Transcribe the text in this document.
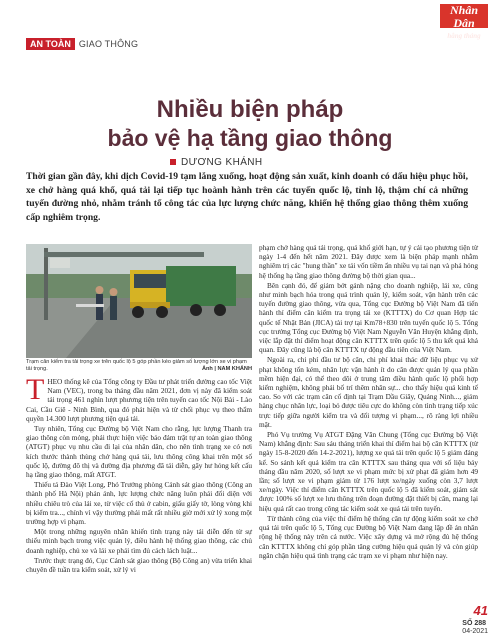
Nhân Dân
hằng tháng
AN TOÀN GIAO THÔNG
Nhiều biện pháp
bảo vệ hạ tầng giao thông
DƯƠNG KHÁNH
Thời gian gần đây, khi dịch Covid-19 tạm lắng xuống, hoạt động sản xuất, kinh doanh có dấu hiệu phục hồi, xe chở hàng quá khổ, quá tải lại tiếp tục hoành hành trên các tuyến quốc lộ, tỉnh lộ, thậm chí cả những tuyến đường nhỏ, nhằm tránh tổ công tác của lực lượng chức năng, khiến hệ thống giao thông thêm xuống cấp nghiêm trọng.
Trạm cân kiểm tra tải trọng xe trên quốc lộ 5 góp phần kéo giảm số lượng lớn xe vi phạm tải trọng.	Ảnh | NAM KHÁNH

THEO thống kê của Tổng công ty Đầu tư phát triển đường cao tốc Việt Nam (VEC), trong ba tháng đầu năm 2021, đơn vị này đã kiểm soát tải trọng 461 nghìn lượt phương tiện trên tuyến cao tốc Nội Bài - Lào Cai, Cầu Giẽ - Ninh Bình, qua đó phát hiện và từ chối phục vụ theo thẩm quyền 14.300 lượt phương tiện quá tải.

Tuy nhiên, Tổng cục Đường bộ Việt Nam cho rằng, lực lượng Thanh tra giao thông còn mỏng, phải thực hiện việc bảo đảm trật tự an toàn giao thông (ATGT) phục vụ nhu cầu đi lại của nhân dân, cho nên tình trạng xe có nơi kích thước thành thùng chở hàng quá tải, lưu thông công khai trên một số quốc lộ, đường đô thị và đường địa phương đã tái diễn, gây hư hỏng kết cấu hạ tầng giao thông, mất ATGT.

Thiếu tá Đào Việt Long, Phó Trưởng phòng Cảnh sát giao thông (Công an thành phố Hà Nội) phản ánh, lực lượng chức năng luôn phải đối diện với nhiều chiêu trò của lái xe, từ việc cố thủ ở cabin, giấu giấy tờ, lòng vòng khi bị kiểm tra..., chính vì vậy thường phải mất rất nhiều giờ mới xử lý xong một trường hợp vi phạm.

Một trong những nguyên nhân khiến tình trạng này tái diễn đến từ sự thiếu minh bạch trong việc quản lý, điều hành hệ thống giao thông, các chủ doanh nghiệp, chủ xe và lái xe phải tìm đủ cách lách luật...

Trước thực trạng đó, Cục Cảnh sát giao thông (Bộ Công an) vừa triển khai chuyên đề tuần tra kiểm soát, xử lý vi

phạm chở hàng quá tải trọng, quá khổ giới hạn, tự ý cải tạo phương tiện từ ngày 1-4 đến hết năm 2021. Đây được xem là biện pháp mạnh nhằm nghiêm trị các "hung thần" xe tải vốn tiềm ẩn nhiều vụ tai nạn và phá hỏng hệ thống hạ tầng giao thông đường bộ thời gian qua...

Bên cạnh đó, để giảm bớt gánh nặng cho doanh nghiệp, lái xe, cũng như minh bạch hóa trong quá trình quản lý, kiểm soát, vận hành trên các tuyến đường giao thông, vừa qua, Tổng cục Đường bộ Việt Nam đã tiến hành thí điểm cân kiểm tra trọng tải xe (KTTTX) do Cơ quan Hợp tác quốc tế Nhật Bản (JICA) tài trợ tại Km78+830 trên tuyến quốc lộ 5. Tổng cục trưởng Tổng cục Đường bộ Việt Nam Nguyễn Văn Huyện khẳng định, việc lắp đặt thí điểm hoạt động cân KTTTX trên quốc lộ 5 thu kết quả khả quan. Đây cũng là bộ cân KTTTX tự động đầu tiên của Việt Nam.

Ngoài ra, chi phí đầu tư bộ cân, chi phí khai thác dữ liệu phục vụ xử phạt không tốn kém, nhân lực vận hành ít do cân được quản lý qua phần mềm hiện đại, có thể theo dõi ở trung tâm điều hành quốc lộ phối hợp kiểm nghiệm, không phải bố trí thêm nhân sự... cho thấy hiệu quả kinh tế cao. So với các trạm cân cố định tại Trạm Dầu Giây, Quảng Ninh..., giảm hàng chục nhân lực, loại bỏ được tiêu cực do không còn tình trạng tiếp xúc trực tiếp giữa người kiểm tra và đối tượng vi phạm..., rõ ràng lợi nhiều mặt.

Phó Vụ trưởng Vụ ATGT Đặng Văn Chung (Tổng cục Đường bộ Việt Nam) khẳng định: Sau sáu tháng triển khai thí điểm hai bộ cân KTTTX (từ ngày 15-8-2020 đến 14-2-2021), lượng xe quá tải trên quốc lộ 5 giảm đáng kể. So sánh kết quả kiểm tra cân KTTTX sau tháng qua với số liệu bảy tháng đầu năm 2020, số lượt xe vi phạm mức bị xử phạt đã giảm hơn 49 lần; số lượt xe vi phạm giảm từ 176 lượt xe/ngày xuống còn 3,7 lượt xe/ngày. Việc thí điểm cân KTTTX trên quốc lộ 5 đã kiểm soát, giám sát được 100% số lượt xe lưu thông trên đoạn đường đặt thiết bị cân, mang lại hiệu quả rất cao trong công tác kiểm soát xe quá tải trên tuyến.

Từ thành công của việc thí điểm hệ thống cân tự động kiểm soát xe chở quá tải trên quốc lộ 5, Tổng cục Đường bộ Việt Nam đang lập đề án nhân rộng hệ thống này trên cả nước. Việc xây dựng và mở rộng đủ hệ thống cân KTTTX không chỉ góp phần tăng cường hiệu quả quản lý và còn giúp ngăn chặn hiệu quả tình trạng các trạm xe vi phạm như hiện nay.

41
SỐ 288
04-2021
